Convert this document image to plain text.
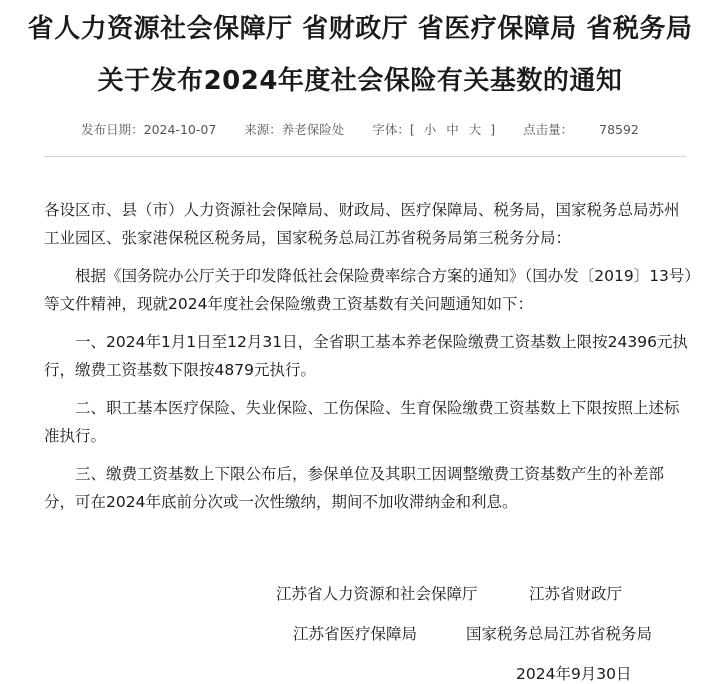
省人力资源社会保障厅 省财政厅 省医疗保障局 省税务局
关于发布2024年度社会保险有关基数的通知
发布日期：2024-10-07 来源：养老保险处 字体：[ 小 中 大 ] 点击量： 78592

各设区市、县（市）人力资源社会保障局、财政局、医疗保障局、税务局，国家税务总局苏州工业园区、张家港保税区税务局，国家税务总局江苏省税务局第三税务分局：

根据《国务院办公厅关于印发降低社会保险费率综合方案的通知》（国办发〔2019〕13号）等文件精神，现就2024年度社会保险缴费工资基数有关问题通知如下：

一、2024年1月1日至12月31日，全省职工基本养老保险缴费工资基数上限按24396元执行，缴费工资基数下限按4879元执行。

二、职工基本医疗保险、失业保险、工伤保险、生育保险缴费工资基数上下限按照上述标准执行。

三、缴费工资基数上下限公布后，参保单位及其职工因调整缴费工资基数产生的补差部分，可在2024年底前分次或一次性缴纳，期间不加收滞纳金和利息。

江苏省人力资源和社会保障厅	江苏省财政厅
江苏省医疗保障局	国家税务总局江苏省税务局
2024年9月30日
